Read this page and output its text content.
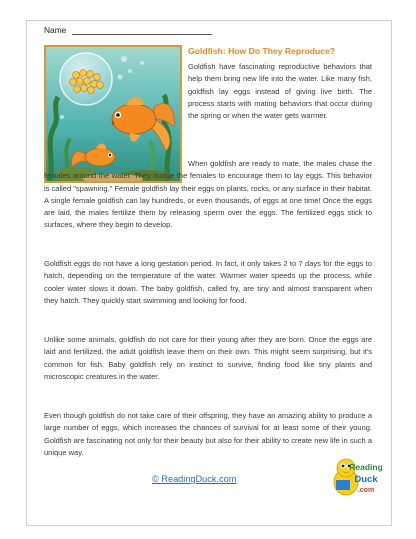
Name
Goldfish: How Do They Reproduce?

Goldfish have fascinating reproductive behaviors that help them bring new life into the water. Like many fish, goldfish lay eggs instead of giving live birth. The process starts with mating behaviors that occur during the spring or when the water gets warmer.

When goldfish are ready to mate, the males chase the females around the water. They nudge the females to encourage them to lay eggs. This behavior is called "spawning." Female goldfish lay their eggs on plants, rocks, or any surface in their habitat. A single female goldfish can lay hundreds, or even thousands, of eggs at one time! Once the eggs are laid, the males fertilize them by releasing sperm over the eggs. The fertilized eggs stick to surfaces, where they begin to develop.

Goldfish eggs do not have a long gestation period. In fact, it only takes 2 to 7 days for the eggs to hatch, depending on the temperature of the water. Warmer water speeds up the process, while cooler water slows it down. The baby goldfish, called fry, are tiny and almost transparent when they hatch. They quickly start swimming and looking for food.

Unlike some animals, goldfish do not care for their young after they are born. Once the eggs are laid and fertilized, the adult goldfish leave them on their own. This might seem surprising, but it's common for fish. Baby goldfish rely on instinct to survive, finding food like tiny plants and microscopic creatures in the water.

Even though goldfish do not take care of their offspring, they have an amazing ability to produce a large number of eggs, which increases the chances of survival for at least some of their young. Goldfish are fascinating not only for their beauty but also for their ability to create new life in such a unique way.

© ReadingDuck.com
Reading
Duck
.com
